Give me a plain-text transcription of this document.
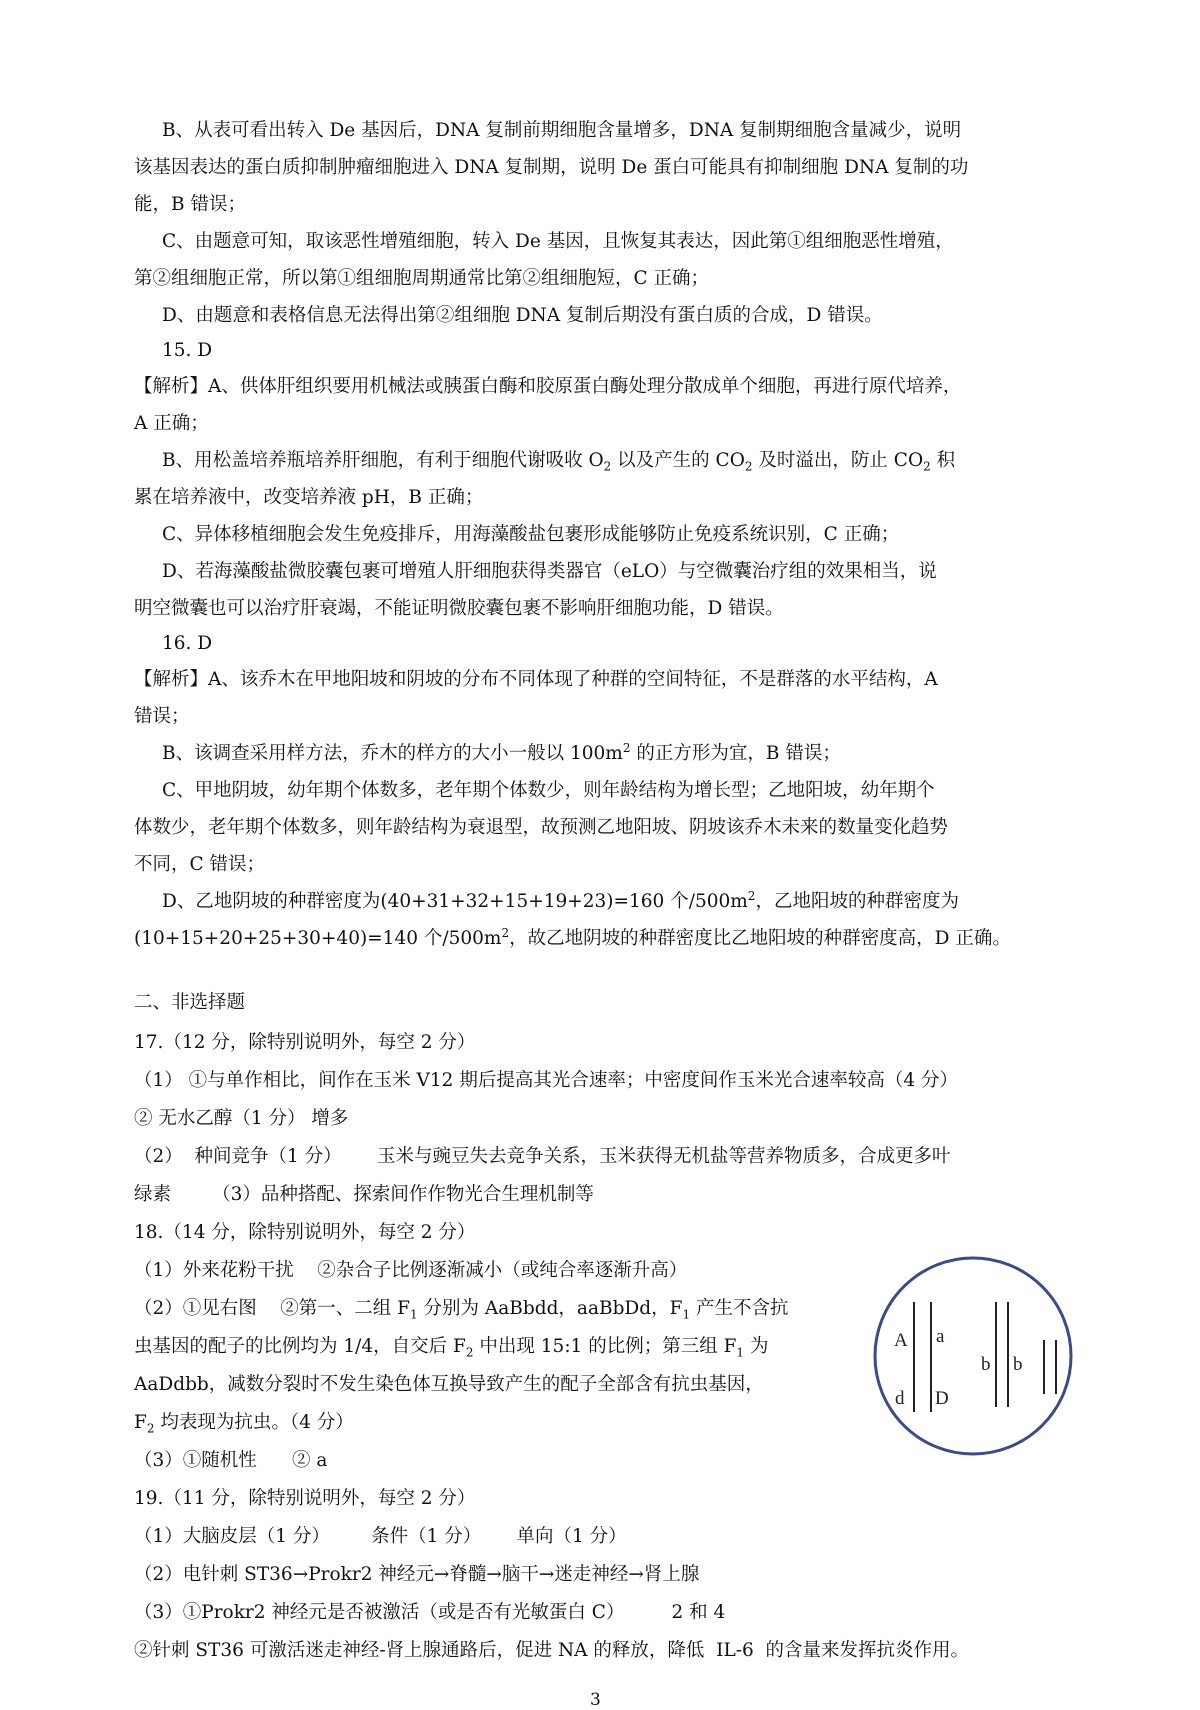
B、从表可看出转入 De 基因后，DNA 复制前期细胞含量增多，DNA 复制期细胞含量减少，说明
该基因表达的蛋白质抑制肿瘤细胞进入 DNA 复制期，说明 De 蛋白可能具有抑制细胞 DNA 复制的功
能，B 错误；
C、由题意可知，取该恶性增殖细胞，转入 De 基因，且恢复其表达，因此第①组细胞恶性增殖，
第②组细胞正常，所以第①组细胞周期通常比第②组细胞短，C 正确；
D、由题意和表格信息无法得出第②组细胞 DNA 复制后期没有蛋白质的合成，D 错误。
15. D
【解析】A、供体肝组织要用机械法或胰蛋白酶和胶原蛋白酶处理分散成单个细胞，再进行原代培养，
A 正确；
B、用松盖培养瓶培养肝细胞，有利于细胞代谢吸收 $O_2$ 以及产生的 $CO_2$ 及时溢出，防止 $CO_2$ 积
累在培养液中，改变培养液 pH，B 正确；
C、异体移植细胞会发生免疫排斥，用海藻酸盐包裹形成能够防止免疫系统识别，C 正确；
D、若海藻酸盐微胶囊包裹可增殖人肝细胞获得类器官（eLO）与空微囊治疗组的效果相当，说
明空微囊也可以治疗肝衰竭，不能证明微胶囊包裹不影响肝细胞功能，D 错误。
16. D
【解析】A、该乔木在甲地阳坡和阴坡的分布不同体现了种群的空间特征，不是群落的水平结构，A
错误；
B、该调查采用样方法，乔木的样方的大小一般以 $100m^2$ 的正方形为宜，B 错误；
C、甲地阴坡，幼年期个体数多，老年期个体数少，则年龄结构为增长型；乙地阳坡，幼年期个
体数少，老年期个体数多，则年龄结构为衰退型，故预测乙地阳坡、阴坡该乔木未来的数量变化趋势
不同，C 错误；
D、乙地阴坡的种群密度为(40+31+32+15+19+23)=160 个$/500m^2$，乙地阳坡的种群密度为
(10+15+20+25+30+40)=140 个$/500m^2$，故乙地阴坡的种群密度比乙地阳坡的种群密度高，D 正确。
二、非选择题
17.（12 分，除特别说明外，每空 2 分）
（1） ①与单作相比，间作在玉米 V12 期后提高其光合速率；中密度间作玉米光合速率较高（4 分）
② 无水乙醇（1 分） 增多
（2）  种间竞争（1 分）      玉米与豌豆失去竞争关系，玉米获得无机盐等营养物质多，合成更多叶
绿素       （3）品种搭配、探索间作作物光合生理机制等
18.（14 分，除特别说明外，每空 2 分）
（1）外来花粉干扰    ②杂合子比例逐渐减小（或纯合率逐渐升高）
（2）①见右图    ②第一、二组 $F_1$ 分别为 AaBbdd，aaBbDd，$F_1$ 产生不含抗
虫基因的配子的比例均为 1/4，自交后 $F_2$ 中出现 15:1 的比例；第三组 $F_1$ 为
AaDdbb，减数分裂时不发生染色体互换导致产生的配子全部含有抗虫基因，
$F_2$ 均表现为抗虫。（4 分）
（3）①随机性      ② a
A a
b b
d D
19.（11 分，除特别说明外，每空 2 分）
（1）大脑皮层（1 分）       条件（1 分）      单向（1 分）
3
（2）电针刺 ST36→Prokr2 神经元→脊髓→脑干→迷走神经→肾上腺
（3）①Prokr2 神经元是否被激活（或是否有光敏蛋白 C）        2 和 4
②针刺 ST36 可激活迷走神经-肾上腺通路后，促进 NA 的释放，降低  IL-6  的含量来发挥抗炎作用。
